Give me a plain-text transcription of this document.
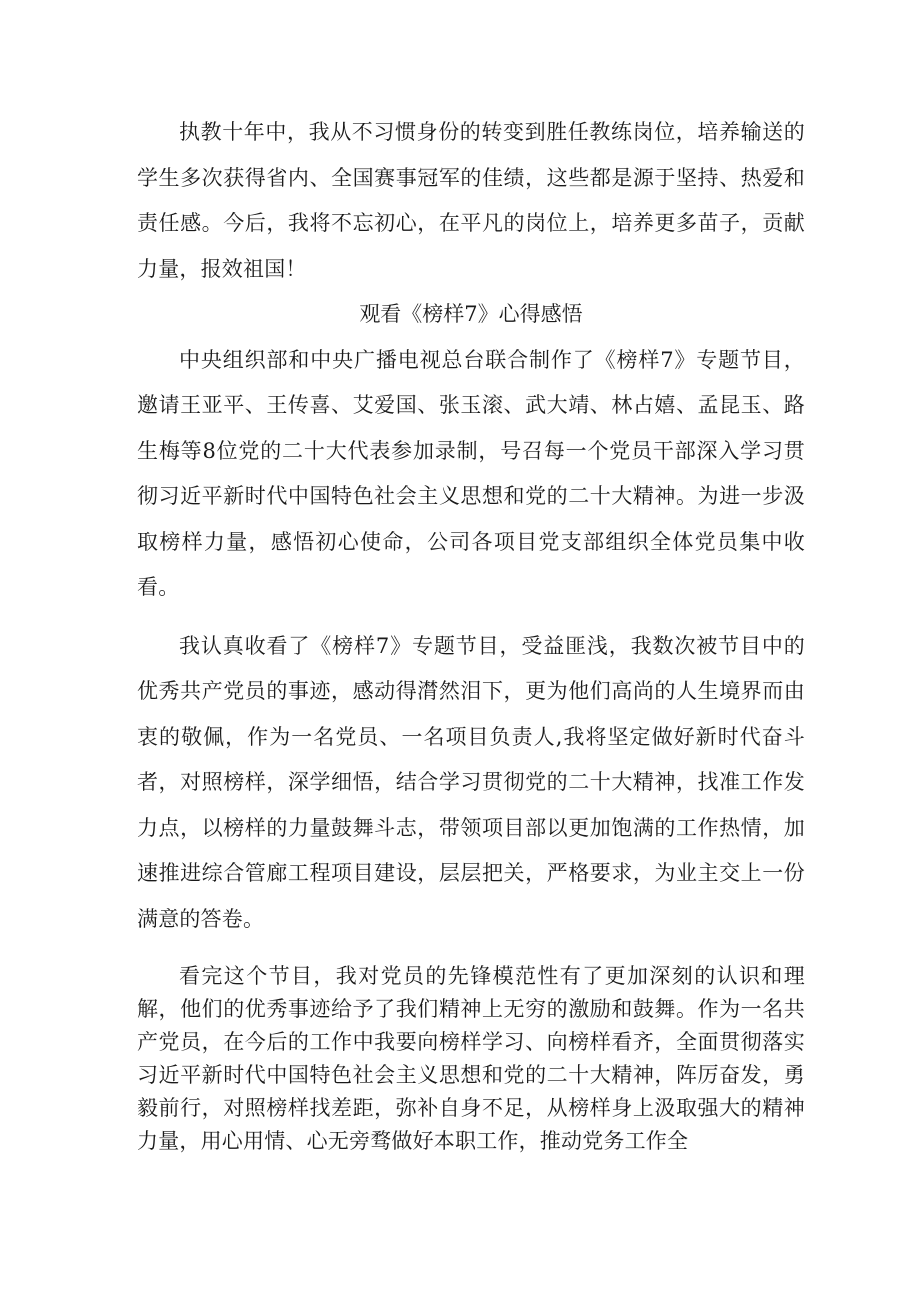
执教十年中，我从不习惯身份的转变到胜任教练岗位，培养输送的学生多次获得省内、全国赛事冠军的佳绩，这些都是源于坚持、热爱和责任感。今后，我将不忘初心，在平凡的岗位上，培养更多苗子，贡献力量，报效祖国！

观看《榜样7》心得感悟

中央组织部和中央广播电视总台联合制作了《榜样7》专题节目，邀请王亚平、王传喜、艾爱国、张玉滚、武大靖、林占嬉、孟昆玉、路生梅等8位党的二十大代表参加录制，号召每一个党员干部深入学习贯彻习近平新时代中国特色社会主义思想和党的二十大精神。为进一步汲取榜样力量，感悟初心使命，公司各项目党支部组织全体党员集中收看。

我认真收看了《榜样7》专题节目，受益匪浅，我数次被节目中的优秀共产党员的事迹，感动得潸然泪下，更为他们高尚的人生境界而由衷的敬佩，作为一名党员、一名项目负责人,我将坚定做好新时代奋斗者，对照榜样，深学细悟，结合学习贯彻党的二十大精神，找准工作发力点，以榜样的力量鼓舞斗志，带领项目部以更加饱满的工作热情，加速推进综合管廊工程项目建设，层层把关，严格要求，为业主交上一份满意的答卷。

看完这个节目，我对党员的先锋模范性有了更加深刻的认识和理解，他们的优秀事迹给予了我们精神上无穷的激励和鼓舞。作为一名共产党员，在今后的工作中我要向榜样学习、向榜样看齐，全面贯彻落实习近平新时代中国特色社会主义思想和党的二十大精神，阵厉奋发，勇毅前行，对照榜样找差距，弥补自身不足，从榜样身上汲取强大的精神力量，用心用情、心无旁骛做好本职工作，推动党务工作全
